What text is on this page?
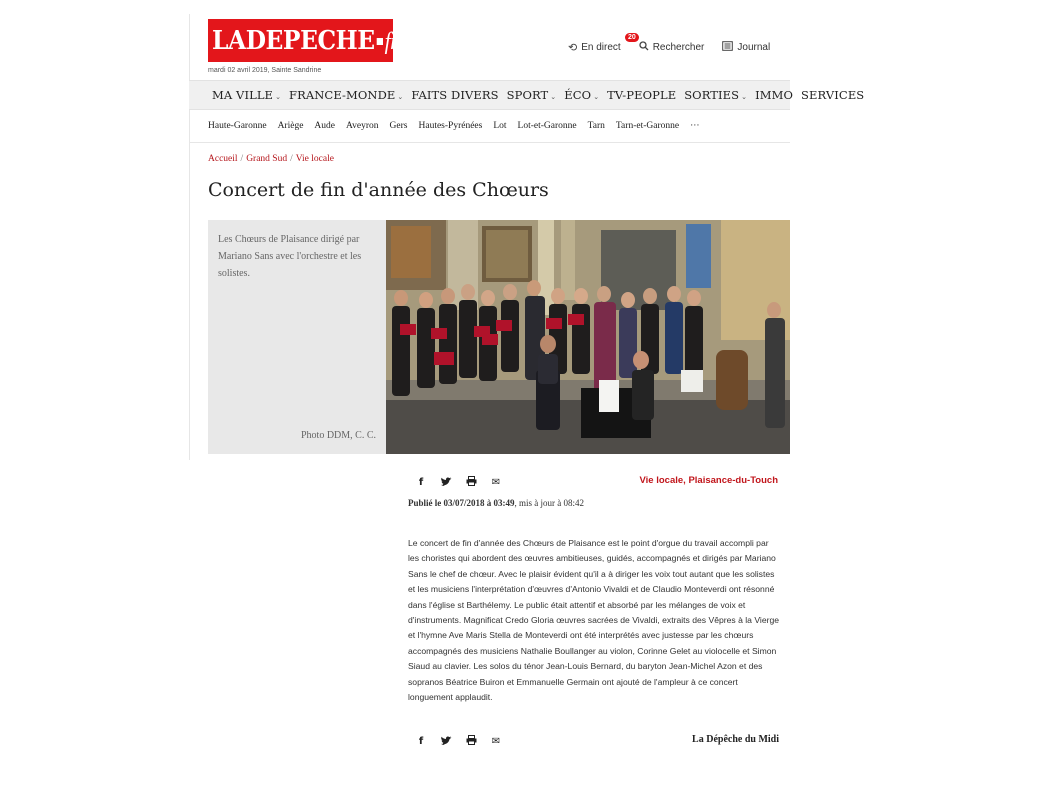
LADEPECHE fr
mardi 02 avril 2019, Sainte Sandrine
⟲ En direct
20
Rechercher	Journal
MA VILLE ⌄ FRANCE-MONDE ⌄ FAITS DIVERS SPORT ⌄ ÉCO ⌄ TV-PEOPLE SORTIES ⌄ IMMO SERVICES
Haute-Garonne Ariège Aude Aveyron Gers Hautes-Pyrénées Lot Lot-et-Garonne Tarn Tarn-et-Garonne ···
Accueil / Grand Sud / Vie locale
Concert de fin d'année des Chœurs

Les Chœurs de Plaisance dirigé par Mariano Sans avec l'orchestre et les solistes.

Photo DDM, C. C.
f	✉	Vie locale, Plaisance-du-Touch
Publié le 03/07/2018 à 03:49, mis à jour à 08:42

Le concert de fin d'année des Chœurs de Plaisance est le point d'orgue du travail accompli par les choristes qui abordent des œuvres ambitieuses, guidés, accompagnés et dirigés par Mariano Sans le chef de chœur. Avec le plaisir évident qu'il a à diriger les voix tout autant que les solistes et les musiciens l'interprétation d'œuvres d'Antonio Vivaldi et de Claudio Monteverdi ont résonné dans l'église st Barthélemy. Le public était attentif et absorbé par les mélanges de voix et d'instruments. Magnificat Credo Gloria œuvres sacrées de Vivaldi, extraits des Vêpres à la Vierge et l'hymne Ave Maris Stella de Monteverdi ont été interprétés avec justesse par les chœurs accompagnés des musiciens Nathalie Boullanger au violon, Corinne Gelet au violocelle et Simon Siaud au clavier. Les solos du ténor Jean-Louis Bernard, du baryton Jean-Michel Azon et des sopranos Béatrice Buiron et Emmanuelle Germain ont ajouté de l'ampleur à ce concert longuement applaudit.

f	✉	La Dépêche du Midi
